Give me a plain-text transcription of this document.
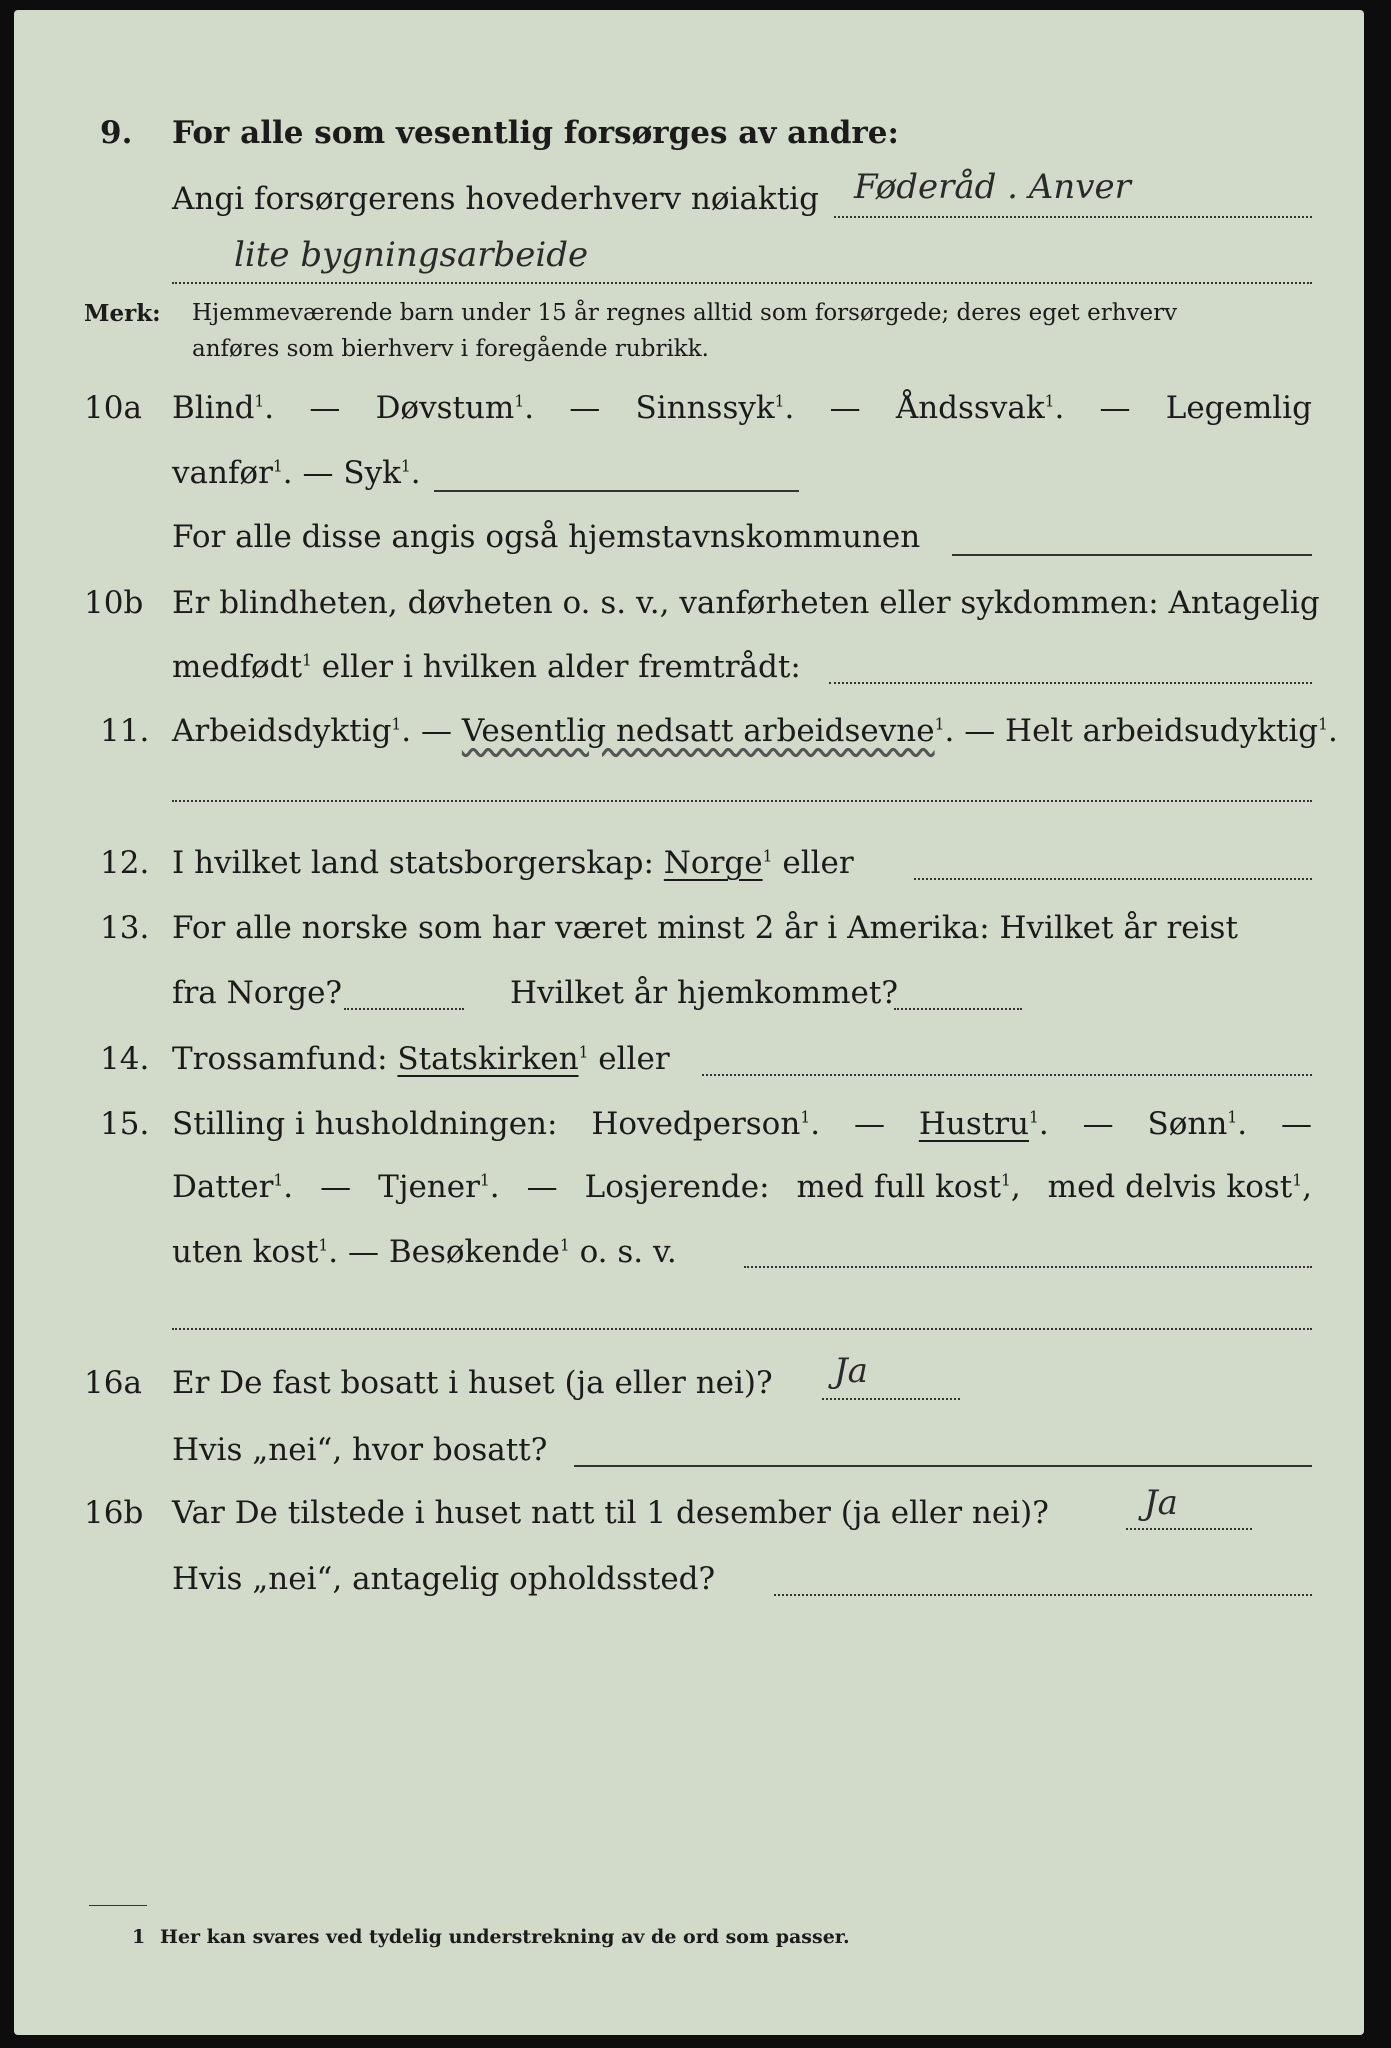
9. For alle som vesentlig forsørges av andre:
Angi forsørgerens hovederhverv nøiaktig Føderåd . Anver
lite bygningsarbeide
Merk: Hjemmeværende barn under 15 år regnes alltid som forsørgede; deres eget erhverv
anføres som bierhverv i foregående rubrikk.
10a Blind$^1$. — Døvstum$^1$. — Sinnssyk$^1$. — Åndssvak$^1$. — Legemlig
vanfør$^1$. — Syk$^1$.
For alle disse angis også hjemstavnskommunen
10b Er blindheten, døvheten o. s. v., vanførheten eller sykdommen: Antagelig
medfødt$^1$ eller i hvilken alder fremtrådt:
11. Arbeidsdyktig$^1$. — Vesentlig nedsatt arbeidsevne$^1$. — Helt arbeidsudyktig$^1$.
12. I hvilket land statsborgerskap: Norge$^1$ eller
13. For alle norske som har været minst 2 år i Amerika: Hvilket år reist
fra Norge?	Hvilket år hjemkommet?
14. Trossamfund: Statskirken$^1$ eller
15. Stilling i husholdningen: Hovedperson$^1$. — Hustru$^1$. — Sønn$^1$. —
Datter$^1$. — Tjener$^1$. — Losjerende: med full kost$^1$, med delvis kost$^1$,
uten kost$^1$. — Besøkende$^1$ o. s. v.
16a Er De fast bosatt i huset (ja eller nei)? Ja
Hvis „nei“, hvor bosatt?
16b Var De tilstede i huset natt til 1 desember (ja eller nei)?	Ja
Hvis „nei“, antagelig opholdssted?
1 Her kan svares ved tydelig understrekning av de ord som passer.
